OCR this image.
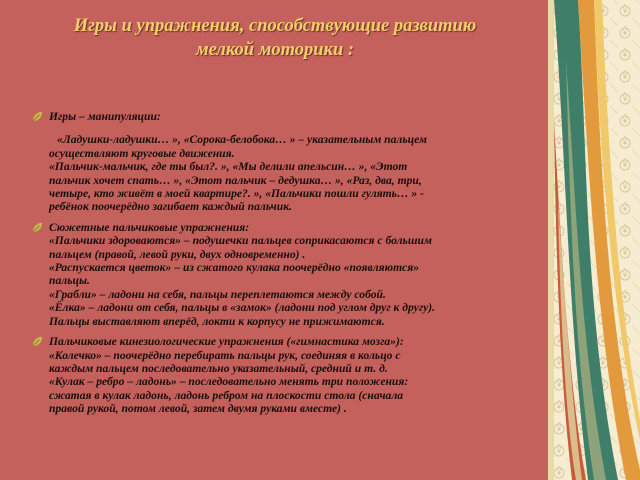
Игры и упражнения, способствующие развитию
мелкой моторики :
Игры – манипуляции:
«Ладушки-ладушки… », «Сорока-белобока… » – указательным пальцем
осуществляют круговые движения.
«Пальчик-мальчик, где ты был?. », «Мы делили апельсин… », «Этот
пальчик хочет спать… », «Этот пальчик – дедушка… », «Раз, два, три,
четыре, кто живёт в моей квартире?. », «Пальчики пошли гулять… » -
ребёнок поочерёдно загибает каждый пальчик.
Сюжетные пальчиковые упражнения:
«Пальчики здороваются» – подушечки пальцев соприкасаются с большим
пальцем (правой, левой руки, двух одновременно) .
«Распускается цветок» – из сжатого кулака поочерёдно «появляются»
пальцы.
«Грабли» – ладони на себя, пальцы переплетаются между собой.
«Ёлка» – ладони от себя, пальцы в «замок» (ладони под углом друг к другу).
Пальцы выставляют вперёд, локти к корпусу не прижимаются.
Пальчиковые кинезиологические упражнения («гимнастика мозга»):
«Колечко» – поочерёдно перебирать пальцы рук, соединяя в кольцо с
каждым пальцем последовательно указательный, средний и т. д.
«Кулак – ребро – ладонь» – последовательно менять три положения:
сжатая в кулак ладонь, ладонь ребром на плоскости стола (сначала
правой рукой, потом левой, затем двумя руками вместе) .
